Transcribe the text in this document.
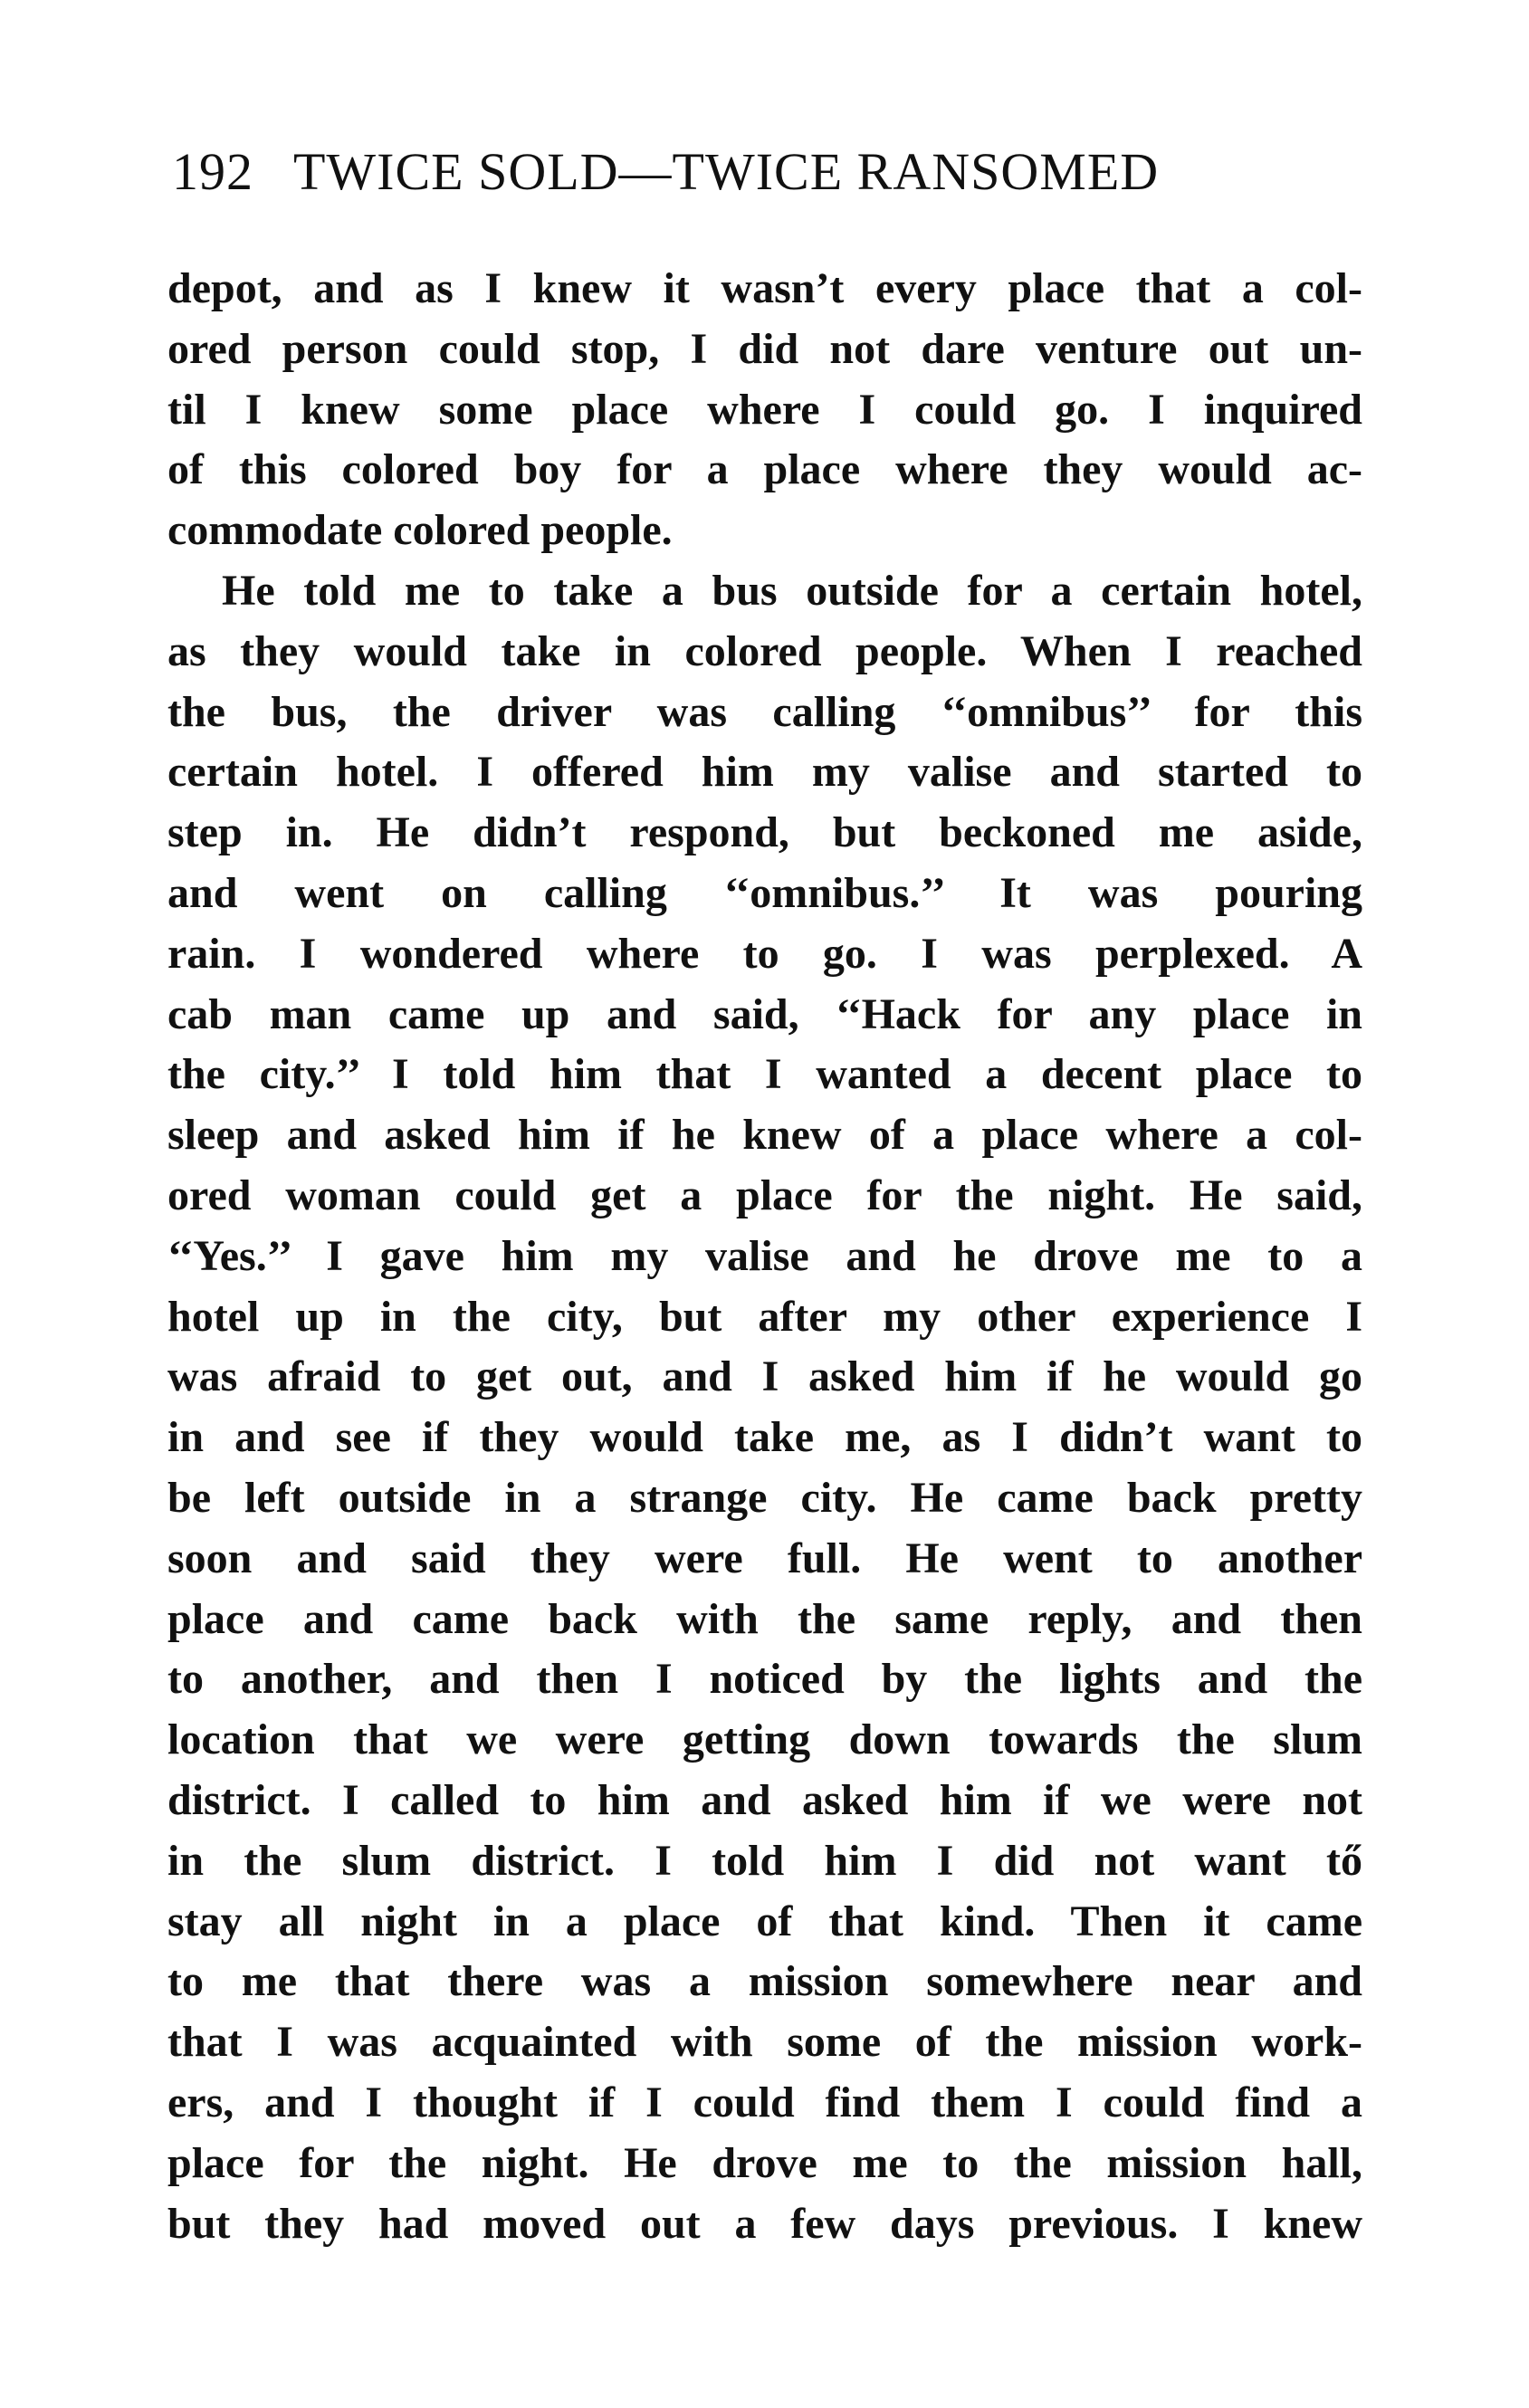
192 TWICE SOLD—TWICE RANSOMED
depot, and as I knew it wasn’t every place that a col-
ored person could stop, I did not dare venture out un-
til I knew some place where I could go. I inquired
of this colored boy for a place where they would ac-
commodate colored people.
He told me to take a bus outside for a certain hotel,
as they would take in colored people. When I reached
the bus, the driver was calling ‘‘omnibus’’ for this
certain hotel. I offered him my valise and started to
step in. He didn’t respond, but beckoned me aside,
and went on calling ‘‘omnibus.’’ It was pouring
rain. I wondered where to go. I was perplexed. A
cab man came up and said, ‘‘Hack for any place in
the city.’’ I told him that I wanted a decent place to
sleep and asked him if he knew of a place where a col-
ored woman could get a place for the night. He said,
‘‘Yes.’’ I gave him my valise and he drove me to a
hotel up in the city, but after my other experience I
was afraid to get out, and I asked him if he would go
in and see if they would take me, as I didn’t want to
be left outside in a strange city. He came back pretty
soon and said they were full. He went to another
place and came back with the same reply, and then
to another, and then I noticed by the lights and the
location that we were getting down towards the slum
district. I called to him and asked him if we were not
in the slum district. I told him I did not want tő
stay all night in a place of that kind. Then it came
to me that there was a mission somewhere near and
that I was acquainted with some of the mission work-
ers, and I thought if I could find them I could find a
place for the night. He drove me to the mission hall,
but they had moved out a few days previous. I knew
